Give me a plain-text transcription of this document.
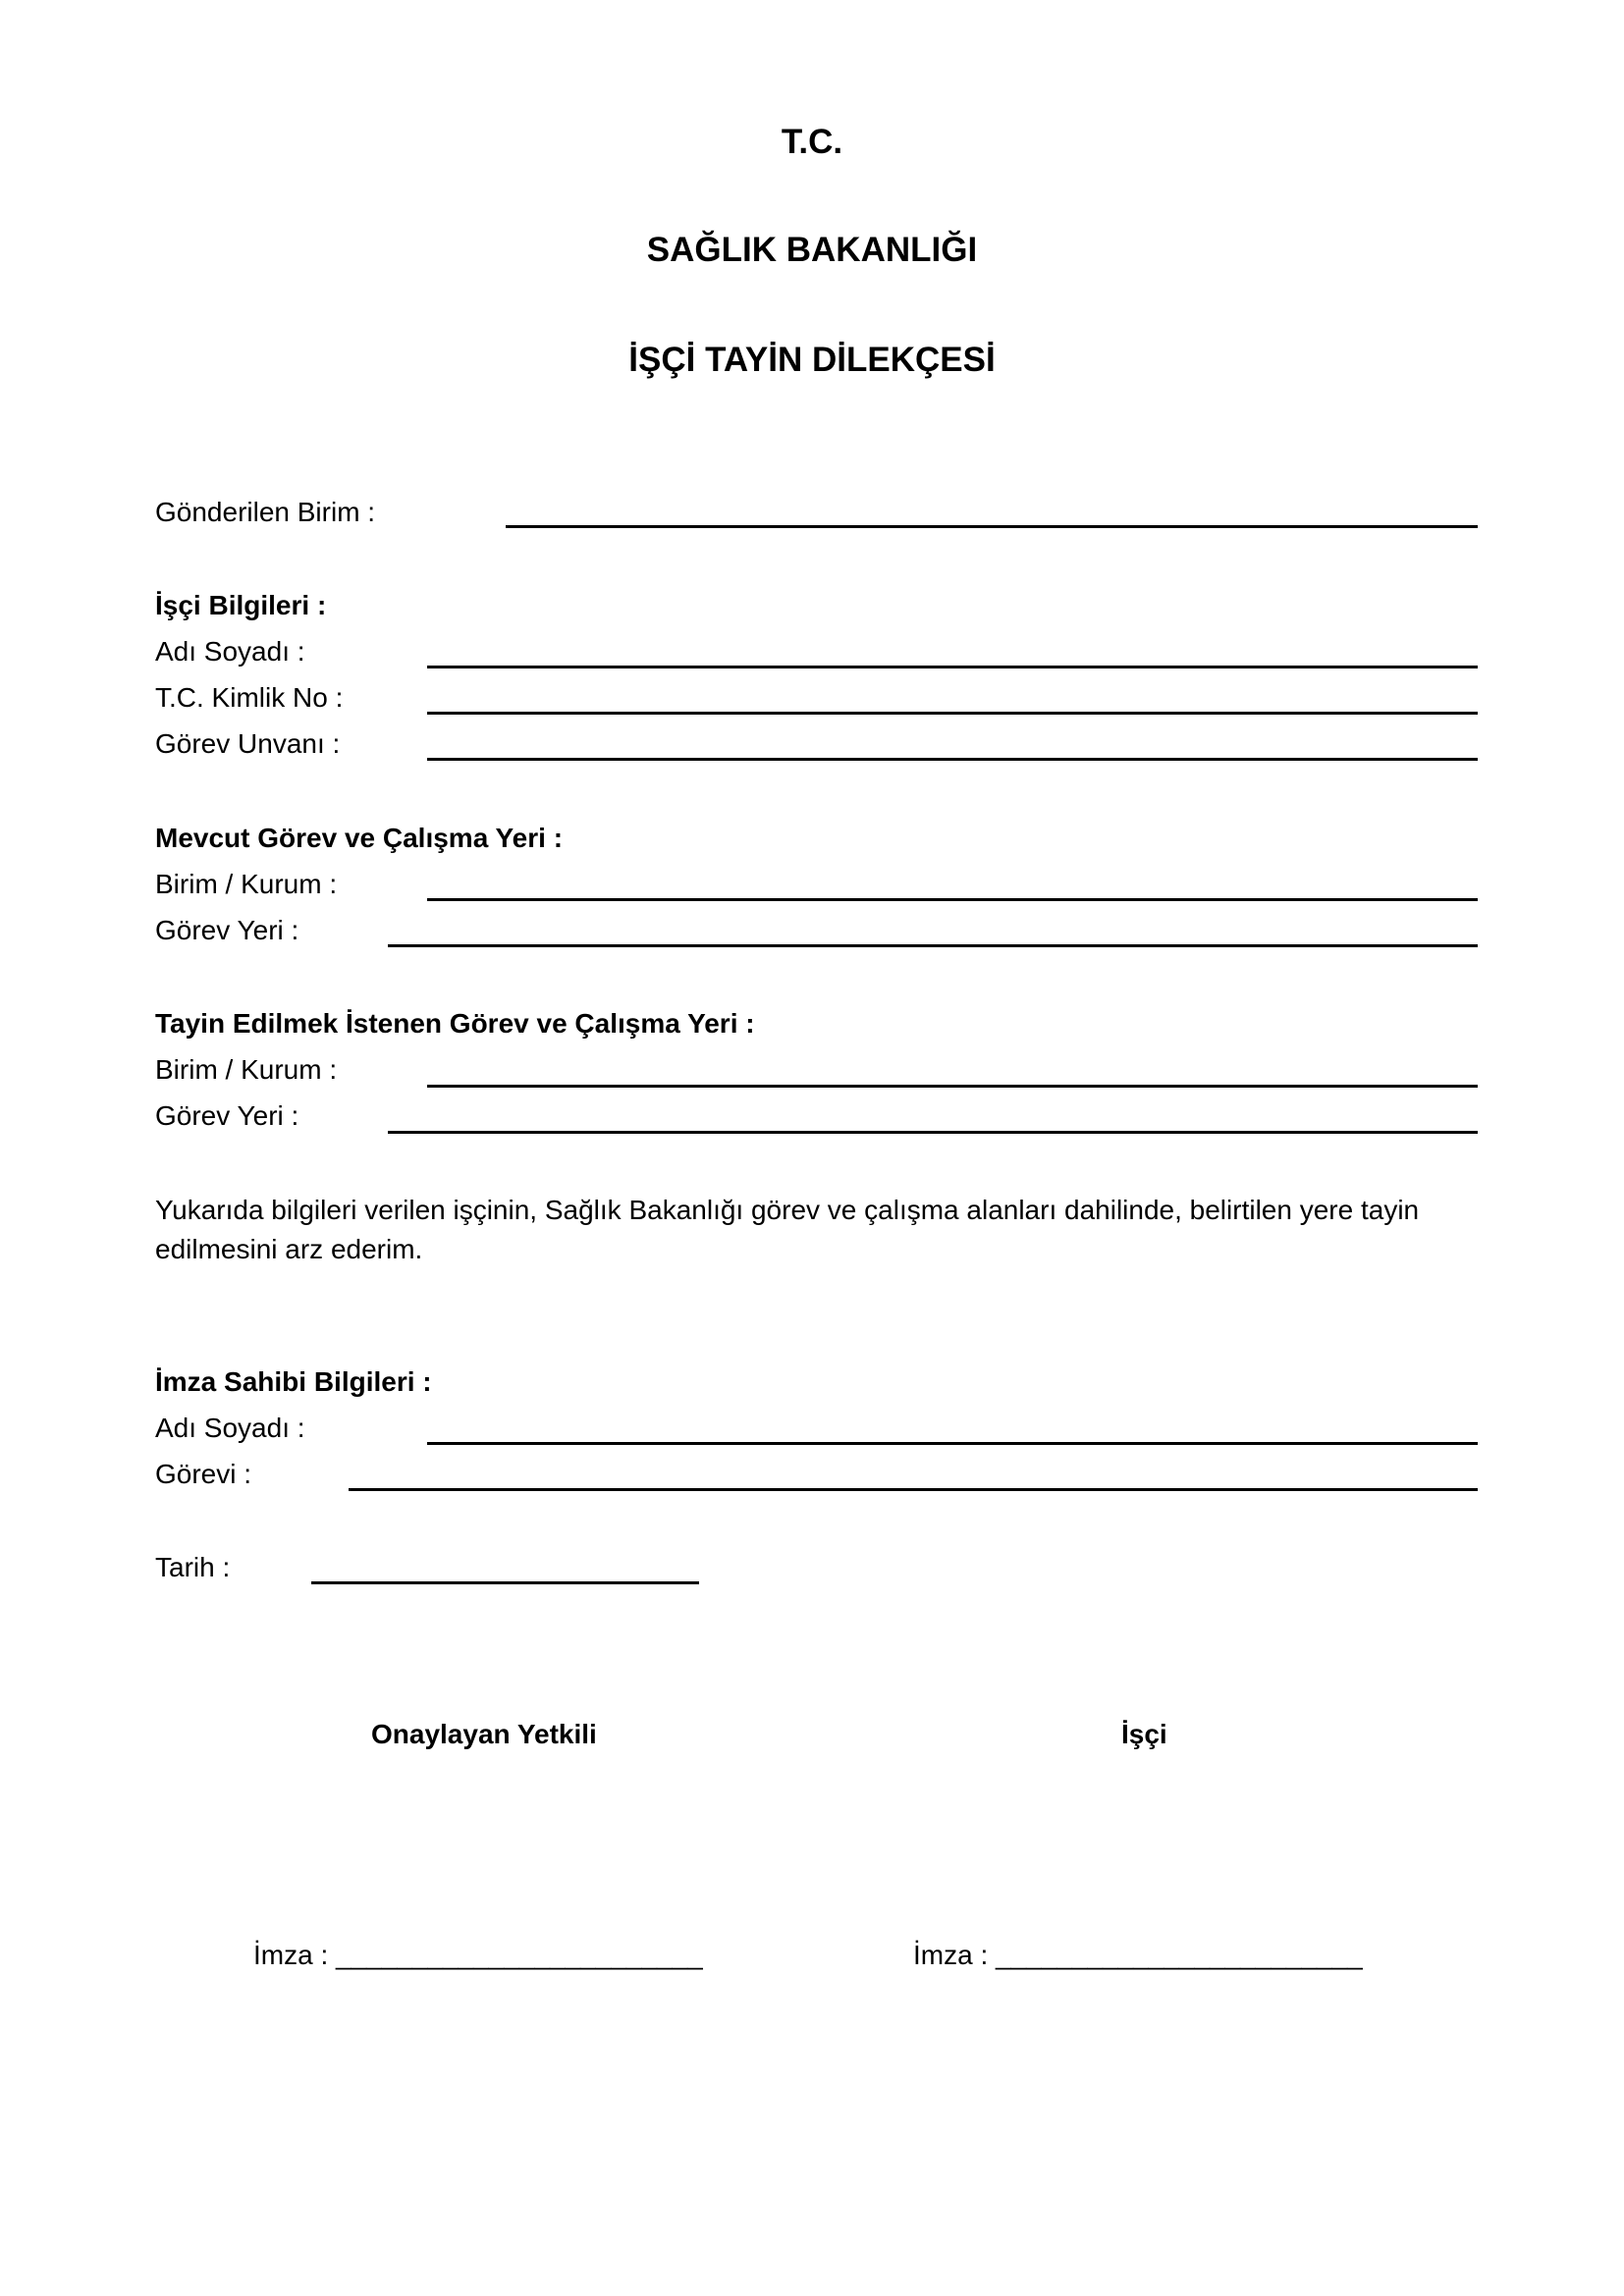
T.C.
SAĞLIK BAKANLIĞI
İŞÇİ TAYİN DİLEKÇESİ
Gönderilen Birim :
İşçi Bilgileri :
Adı Soyadı :
T.C. Kimlik No :
Görev Unvanı :
Mevcut Görev ve Çalışma Yeri :
Birim / Kurum :
Görev Yeri :
Tayin Edilmek İstenen Görev ve Çalışma Yeri :
Birim / Kurum :
Görev Yeri :
Yukarıda bilgileri verilen işçinin, Sağlık Bakanlığı görev ve çalışma alanları dahilinde, belirtilen yere tayin edilmesini arz ederim.
İmza Sahibi Bilgileri :
Adı Soyadı :
Görevi :
Tarih :
Onaylayan Yetkili	İşçi
İmza : ________________________	İmza : ________________________
